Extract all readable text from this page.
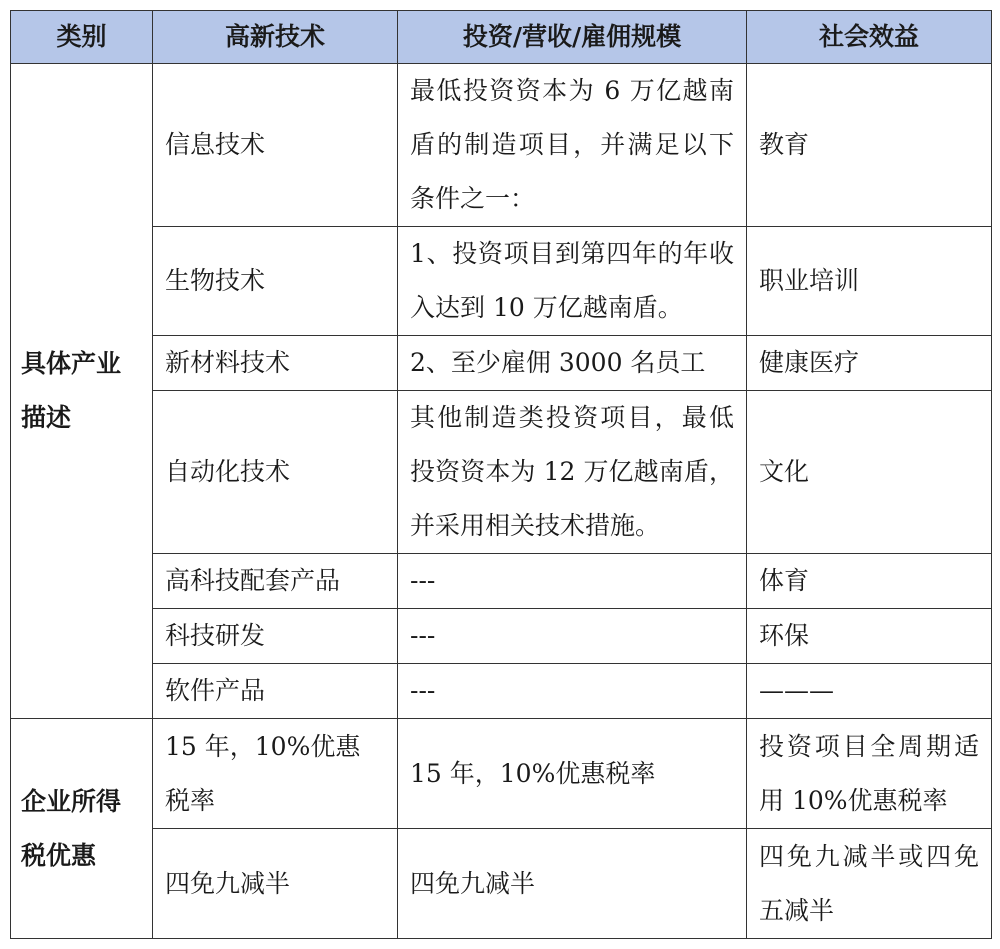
类别	高新技术	投资/营收/雇佣规模	社会效益
具体产业描述	信息技术	最低投资资本为 6 万亿越南盾的制造项目，并满足以下条件之一：	教育
	生物技术	1、投资项目到第四年的年收入达到 10 万亿越南盾。	职业培训
	新材料技术	2、至少雇佣 3000 名员工	健康医疗
	自动化技术	其他制造类投资项目，最低投资资本为 12 万亿越南盾，并采用相关技术措施。	文化
	高科技配套产品	---	体育
	科技研发	---	环保
	软件产品	---	———
企业所得税优惠	15 年，10%优惠税率	15 年，10%优惠税率	投资项目全周期适用 10%优惠税率
	四免九减半	四免九减半	四免九减半或四免五减半
